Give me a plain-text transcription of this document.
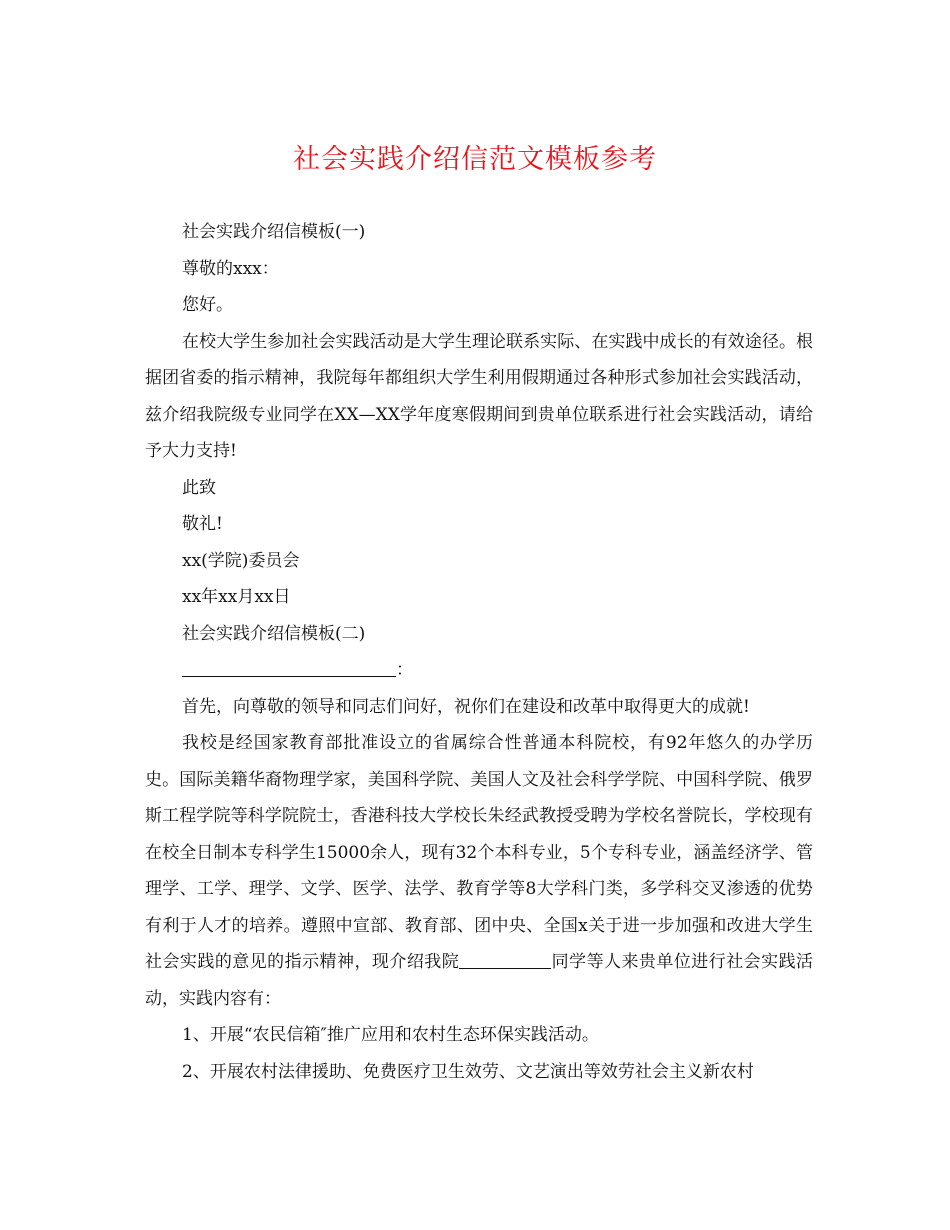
社会实践介绍信范文模板参考

社会实践介绍信模板(一)

尊敬的xxx：

您好。

在校大学生参加社会实践活动是大学生理论联系实际、在实践中成长的有效途径。根据团省委的指示精神，我院每年都组织大学生利用假期通过各种形式参加社会实践活动，兹介绍我院级专业同学在XX—XX学年度寒假期间到贵单位联系进行社会实践活动，请给予大力支持!

此致

敬礼!

xx(学院)委员会

xx年xx月xx日

社会实践介绍信模板(二)

：

首先，向尊敬的领导和同志们问好，祝你们在建设和改革中取得更大的成就!

我校是经国家教育部批准设立的省属综合性普通本科院校，有92年悠久的办学历史。国际美籍华裔物理学家，美国科学院、美国人文及社会科学学院、中国科学院、俄罗斯工程学院等科学院院士，香港科技大学校长朱经武教授受聘为学校名誉院长，学校现有在校全日制本专科学生15000余人，现有32个本科专业，5个专科专业，涵盖经济学、管理学、工学、理学、文学、医学、法学、教育学等8大学科门类，多学科交叉渗透的优势有利于人才的培养。遵照中宣部、教育部、团中央、全国x关于进一步加强和改进大学生社会实践的意见的指示精神，现介绍我院	同学等人来贵单位进行社会实践活动，实践内容有：

1、开展“农民信箱″推广应用和农村生态环保实践活动。

2、开展农村法律援助、免费医疗卫生效劳、文艺演出等效劳社会主义新农村
